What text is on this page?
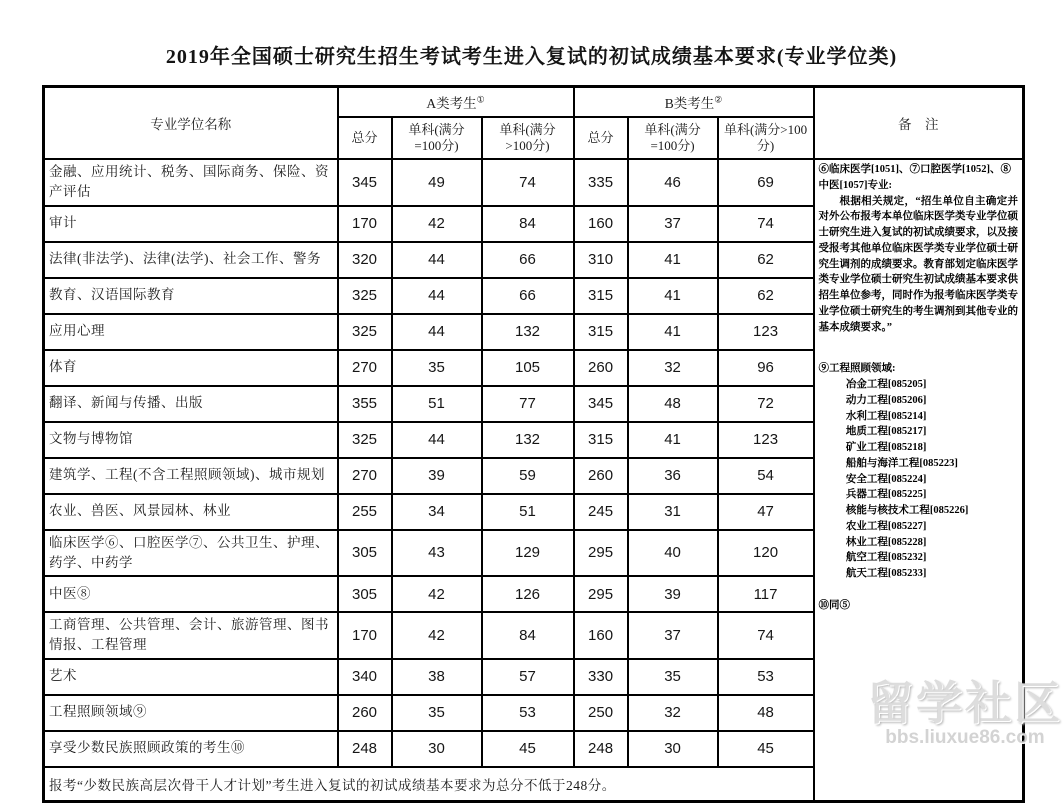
2019年全国硕士研究生招生考试考生进入复试的初试成绩基本要求(专业学位类)
专业学位名称	A类考生①			B类考生②			备　注
	总分	单科(满分=100分)	单科(满分>100分)	总分	单科(满分=100分)	单科(满分>100分)	
金融、应用统计、税务、国际商务、保险、资产评估	345	49	74	335	46	69	

⑥临床医学[1051]、⑦口腔医学[1052]、⑧中医[1057]专业:

根据相关规定，“招生单位自主确定并对外公布报考本单位临床医学类专业学位硕士研究生进入复试的初试成绩要求，以及接受报考其他单位临床医学类专业学位硕士研究生调剂的成绩要求。教育部划定临床医学类专业学位硕士研究生初试成绩基本要求供招生单位参考，同时作为报考临床医学类专业学位硕士研究生的考生调剂到其他专业的基本成绩要求。”

⑨工程照顾领域:

冶金工程[085205]
动力工程[085206]
水利工程[085214]
地质工程[085217]
矿业工程[085218]
船舶与海洋工程[085223]
安全工程[085224]
兵器工程[085225]
核能与核技术工程[085226]
农业工程[085227]
林业工程[085228]
航空工程[085232]
航天工程[085233]

⑩同⑤

审计	170	42	84	160	37	74	
法律(非法学)、法律(法学)、社会工作、警务	320	44	66	310	41	62	
教育、汉语国际教育	325	44	66	315	41	62	
应用心理	325	44	132	315	41	123	
体育	270	35	105	260	32	96	
翻译、新闻与传播、出版	355	51	77	345	48	72	
文物与博物馆	325	44	132	315	41	123	
建筑学、工程(不含工程照顾领域)、城市规划	270	39	59	260	36	54	
农业、兽医、风景园林、林业	255	34	51	245	31	47	
临床医学⑥、口腔医学⑦、公共卫生、护理、药学、中药学	305	43	129	295	40	120	
中医⑧	305	42	126	295	39	117	
工商管理、公共管理、会计、旅游管理、图书情报、工程管理	170	42	84	160	37	74	
艺术	340	38	57	330	35	53	
工程照顾领域⑨	260	35	53	250	32	48	
享受少数民族照顾政策的考生⑩	248	30	45	248	30	45	
报考“少数民族高层次骨干人才计划”考生进入复试的初试成绩基本要求为总分不低于248分。							
留学社区
bbs.liuxue86.com
